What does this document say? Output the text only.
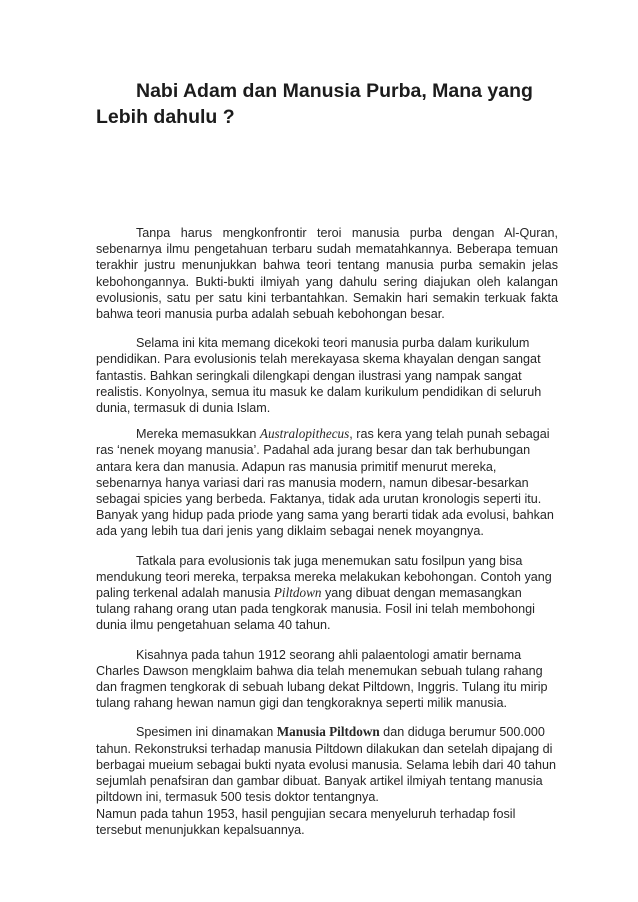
Nabi Adam dan Manusia Purba, Mana yang Lebih dahulu ?

Tanpa harus mengkonfrontir teroi manusia purba dengan Al-Quran, sebenarnya ilmu pengetahuan terbaru sudah mematahkannya. Beberapa temuan terakhir justru menunjukkan bahwa teori tentang manusia purba semakin jelas kebohongannya. Bukti-bukti ilmiyah yang dahulu sering diajukan oleh kalangan evolusionis, satu per satu kini terbantahkan. Semakin hari semakin terkuak fakta bahwa teori manusia purba adalah sebuah kebohongan besar.

Selama ini kita memang dicekoki teori manusia purba dalam kurikulum pendidikan. Para evolusionis telah merekayasa skema khayalan dengan sangat fantastis. Bahkan seringkali dilengkapi dengan ilustrasi yang nampak sangat realistis. Konyolnya, semua itu masuk ke dalam kurikulum pendidikan di seluruh dunia, termasuk di dunia Islam.

Mereka memasukkan Australopithecus, ras kera yang telah punah sebagai ras ‘nenek moyang manusia’. Padahal ada jurang besar dan tak berhubungan antara kera dan manusia. Adapun ras manusia primitif menurut mereka, sebenarnya hanya variasi dari ras manusia modern, namun dibesar-besarkan sebagai spicies yang berbeda. Faktanya, tidak ada urutan kronologis seperti itu. Banyak yang hidup pada priode yang sama yang berarti tidak ada evolusi, bahkan ada yang lebih tua dari jenis yang diklaim sebagai nenek moyangnya.

Tatkala para evolusionis tak juga menemukan satu fosilpun yang bisa mendukung teori mereka, terpaksa mereka melakukan kebohongan. Contoh yang paling terkenal adalah manusia Piltdown yang dibuat dengan memasangkan tulang rahang orang utan pada tengkorak manusia. Fosil ini telah membohongi dunia ilmu pengetahuan selama 40 tahun.

Kisahnya pada tahun 1912 seorang ahli palaentologi amatir bernama Charles Dawson mengklaim bahwa dia telah menemukan sebuah tulang rahang dan fragmen tengkorak di sebuah lubang dekat Piltdown, Inggris. Tulang itu mirip tulang rahang hewan namun gigi dan tengkoraknya seperti milik manusia.

Spesimen ini dinamakan Manusia Piltdown dan diduga berumur 500.000 tahun. Rekonstruksi terhadap manusia Piltdown dilakukan dan setelah dipajang di berbagai mueium sebagai bukti nyata evolusi manusia. Selama lebih dari 40 tahun sejumlah penafsiran dan gambar dibuat. Banyak artikel ilmiyah tentang manusia piltdown ini, termasuk 500 tesis doktor tentangnya.

Namun pada tahun 1953, hasil pengujian secara menyeluruh terhadap fosil tersebut menunjukkan kepalsuannya.
